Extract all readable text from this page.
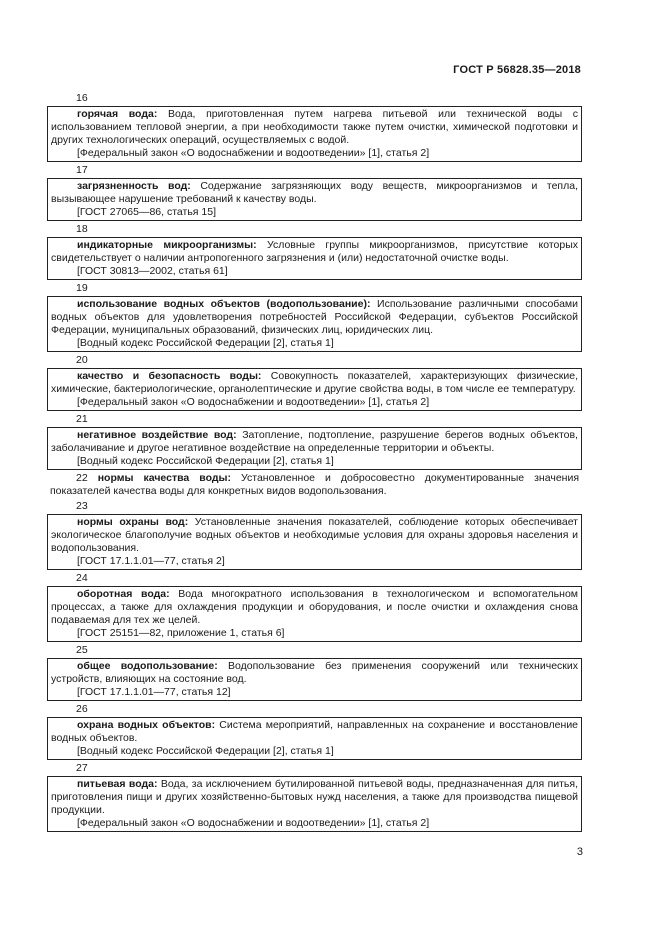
ГОСТ Р 56828.35—2018
16
горячая вода: Вода, приготовленная путем нагрева питьевой или технической воды с использованием тепловой энергии, а при необходимости также путем очистки, химической подготовки и других технологических операций, осуществляемых с водой.
[Федеральный закон «О водоснабжении и водоотведении» [1], статья 2]
17
загрязненность вод: Содержание загрязняющих воду веществ, микроорганизмов и тепла, вызывающее нарушение требований к качеству воды.
[ГОСТ 27065—86, статья 15]
18
индикаторные микроорганизмы: Условные группы микроорганизмов, присутствие которых свидетельствует о наличии антропогенного загрязнения и (или) недостаточной очистке воды.
[ГОСТ 30813—2002, статья 61]
19
использование водных объектов (водопользование): Использование различными способами водных объектов для удовлетворения потребностей Российской Федерации, субъектов Российской Федерации, муниципальных образований, физических лиц, юридических лиц.
[Водный кодекс Российской Федерации [2], статья 1]
20
качество и безопасность воды: Совокупность показателей, характеризующих физические, химические, бактериологические, органолептические и другие свойства воды, в том числе ее температуру.
[Федеральный закон «О водоснабжении и водоотведении» [1], статья 2]
21
негативное воздействие вод: Затопление, подтопление, разрушение берегов водных объектов, заболачивание и другое негативное воздействие на определенные территории и объекты.
[Водный кодекс Российской Федерации [2], статья 1]
22 нормы качества воды: Установленное и добросовестно документированные значения показателей качества воды для конкретных видов водопользования.
23
нормы охраны вод: Установленные значения показателей, соблюдение которых обеспечивает экологическое благополучие водных объектов и необходимые условия для охраны здоровья населения и водопользования.
[ГОСТ 17.1.1.01—77, статья 2]
24
оборотная вода: Вода многократного использования в технологическом и вспомогательном процессах, а также для охлаждения продукции и оборудования, и после очистки и охлаждения снова подаваемая для тех же целей.
[ГОСТ 25151—82, приложение 1, статья 6]
25
общее водопользование: Водопользование без применения сооружений или технических устройств, влияющих на состояние вод.
[ГОСТ 17.1.1.01—77, статья 12]
26
охрана водных объектов: Система мероприятий, направленных на сохранение и восстановление водных объектов.
[Водный кодекс Российской Федерации [2], статья 1]
27
питьевая вода: Вода, за исключением бутилированной питьевой воды, предназначенная для питья, приготовления пищи и других хозяйственно-бытовых нужд населения, а также для производства пищевой продукции.
[Федеральный закон «О водоснабжении и водоотведении» [1], статья 2]
3
